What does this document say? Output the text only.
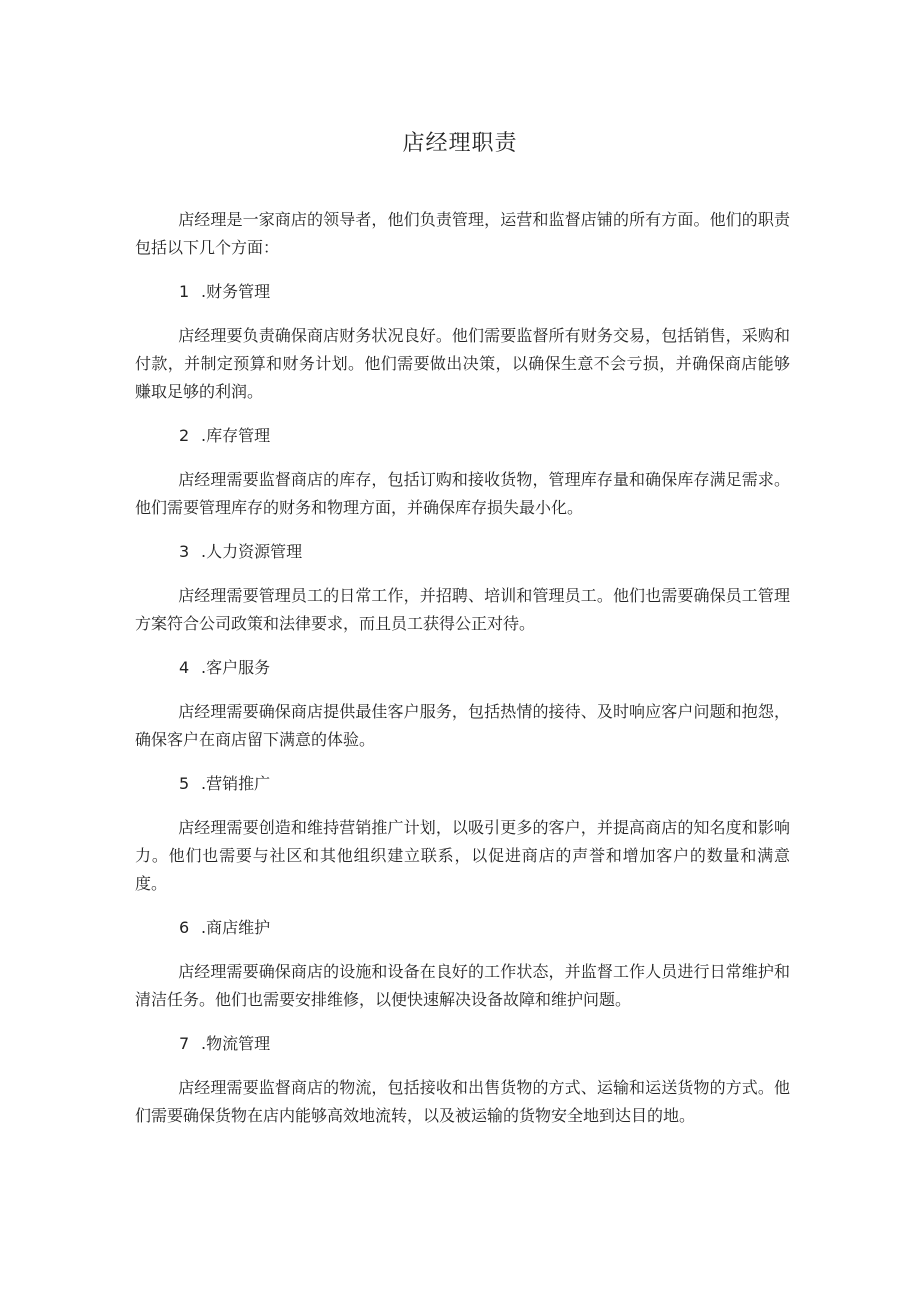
店经理职责

店经理是一家商店的领导者，他们负责管理，运营和监督店铺的所有方面。他们的职责包括以下几个方面：

1 .财务管理

店经理要负责确保商店财务状况良好。他们需要监督所有财务交易，包括销售，采购和付款，并制定预算和财务计划。他们需要做出决策，以确保生意不会亏损，并确保商店能够赚取足够的利润。

2 .库存管理

店经理需要监督商店的库存，包括订购和接收货物，管理库存量和确保库存满足需求。他们需要管理库存的财务和物理方面，并确保库存损失最小化。

3 .人力资源管理

店经理需要管理员工的日常工作，并招聘、培训和管理员工。他们也需要确保员工管理方案符合公司政策和法律要求，而且员工获得公正对待。

4 .客户服务

店经理需要确保商店提供最佳客户服务，包括热情的接待、及时响应客户问题和抱怨，确保客户在商店留下满意的体验。

5 .营销推广

店经理需要创造和维持营销推广计划，以吸引更多的客户，并提高商店的知名度和影响力。他们也需要与社区和其他组织建立联系，以促进商店的声誉和增加客户的数量和满意度。

6 .商店维护

店经理需要确保商店的设施和设备在良好的工作状态，并监督工作人员进行日常维护和清洁任务。他们也需要安排维修，以便快速解决设备故障和维护问题。

7 .物流管理

店经理需要监督商店的物流，包括接收和出售货物的方式、运输和运送货物的方式。他们需要确保货物在店内能够高效地流转，以及被运输的货物安全地到达目的地。
